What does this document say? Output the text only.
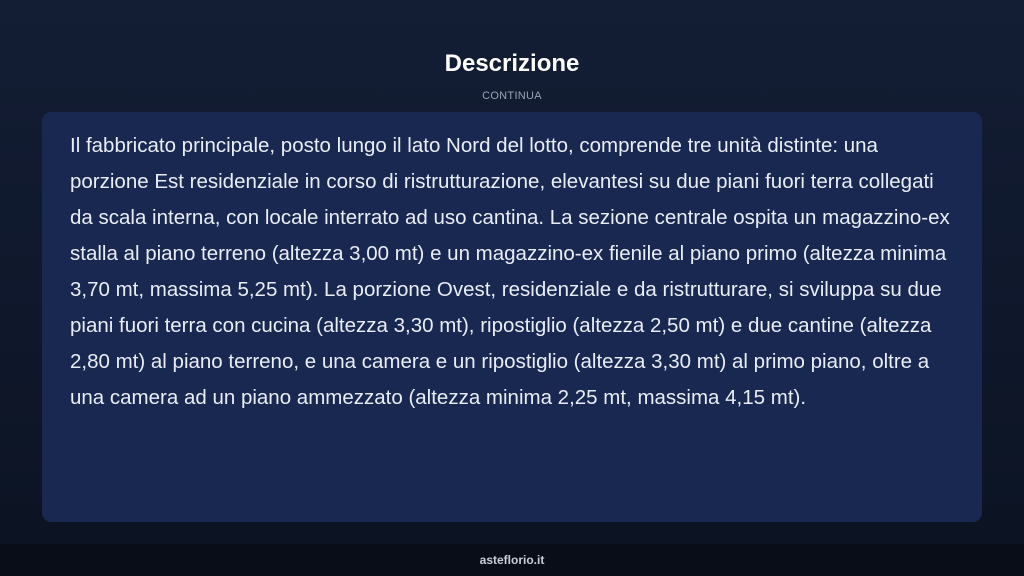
Descrizione
CONTINUA

Il fabbricato principale, posto lungo il lato Nord del lotto, comprende tre unità distinte: una porzione Est residenziale in corso di ristrutturazione, elevantesi su due piani fuori terra collegati da scala interna, con locale interrato ad uso cantina. La sezione centrale ospita un magazzino-ex stalla al piano terreno (altezza 3,00 mt) e un magazzino-ex fienile al piano primo (altezza minima 3,70 mt, massima 5,25 mt). La porzione Ovest, residenziale e da ristrutturare, si sviluppa su due piani fuori terra con cucina (altezza 3,30 mt), ripostiglio (altezza 2,50 mt) e due cantine (altezza 2,80 mt) al piano terreno, e una camera e un ripostiglio (altezza 3,30 mt) al primo piano, oltre a una camera ad un piano ammezzato (altezza minima 2,25 mt, massima 4,15 mt).

asteflorio.it
